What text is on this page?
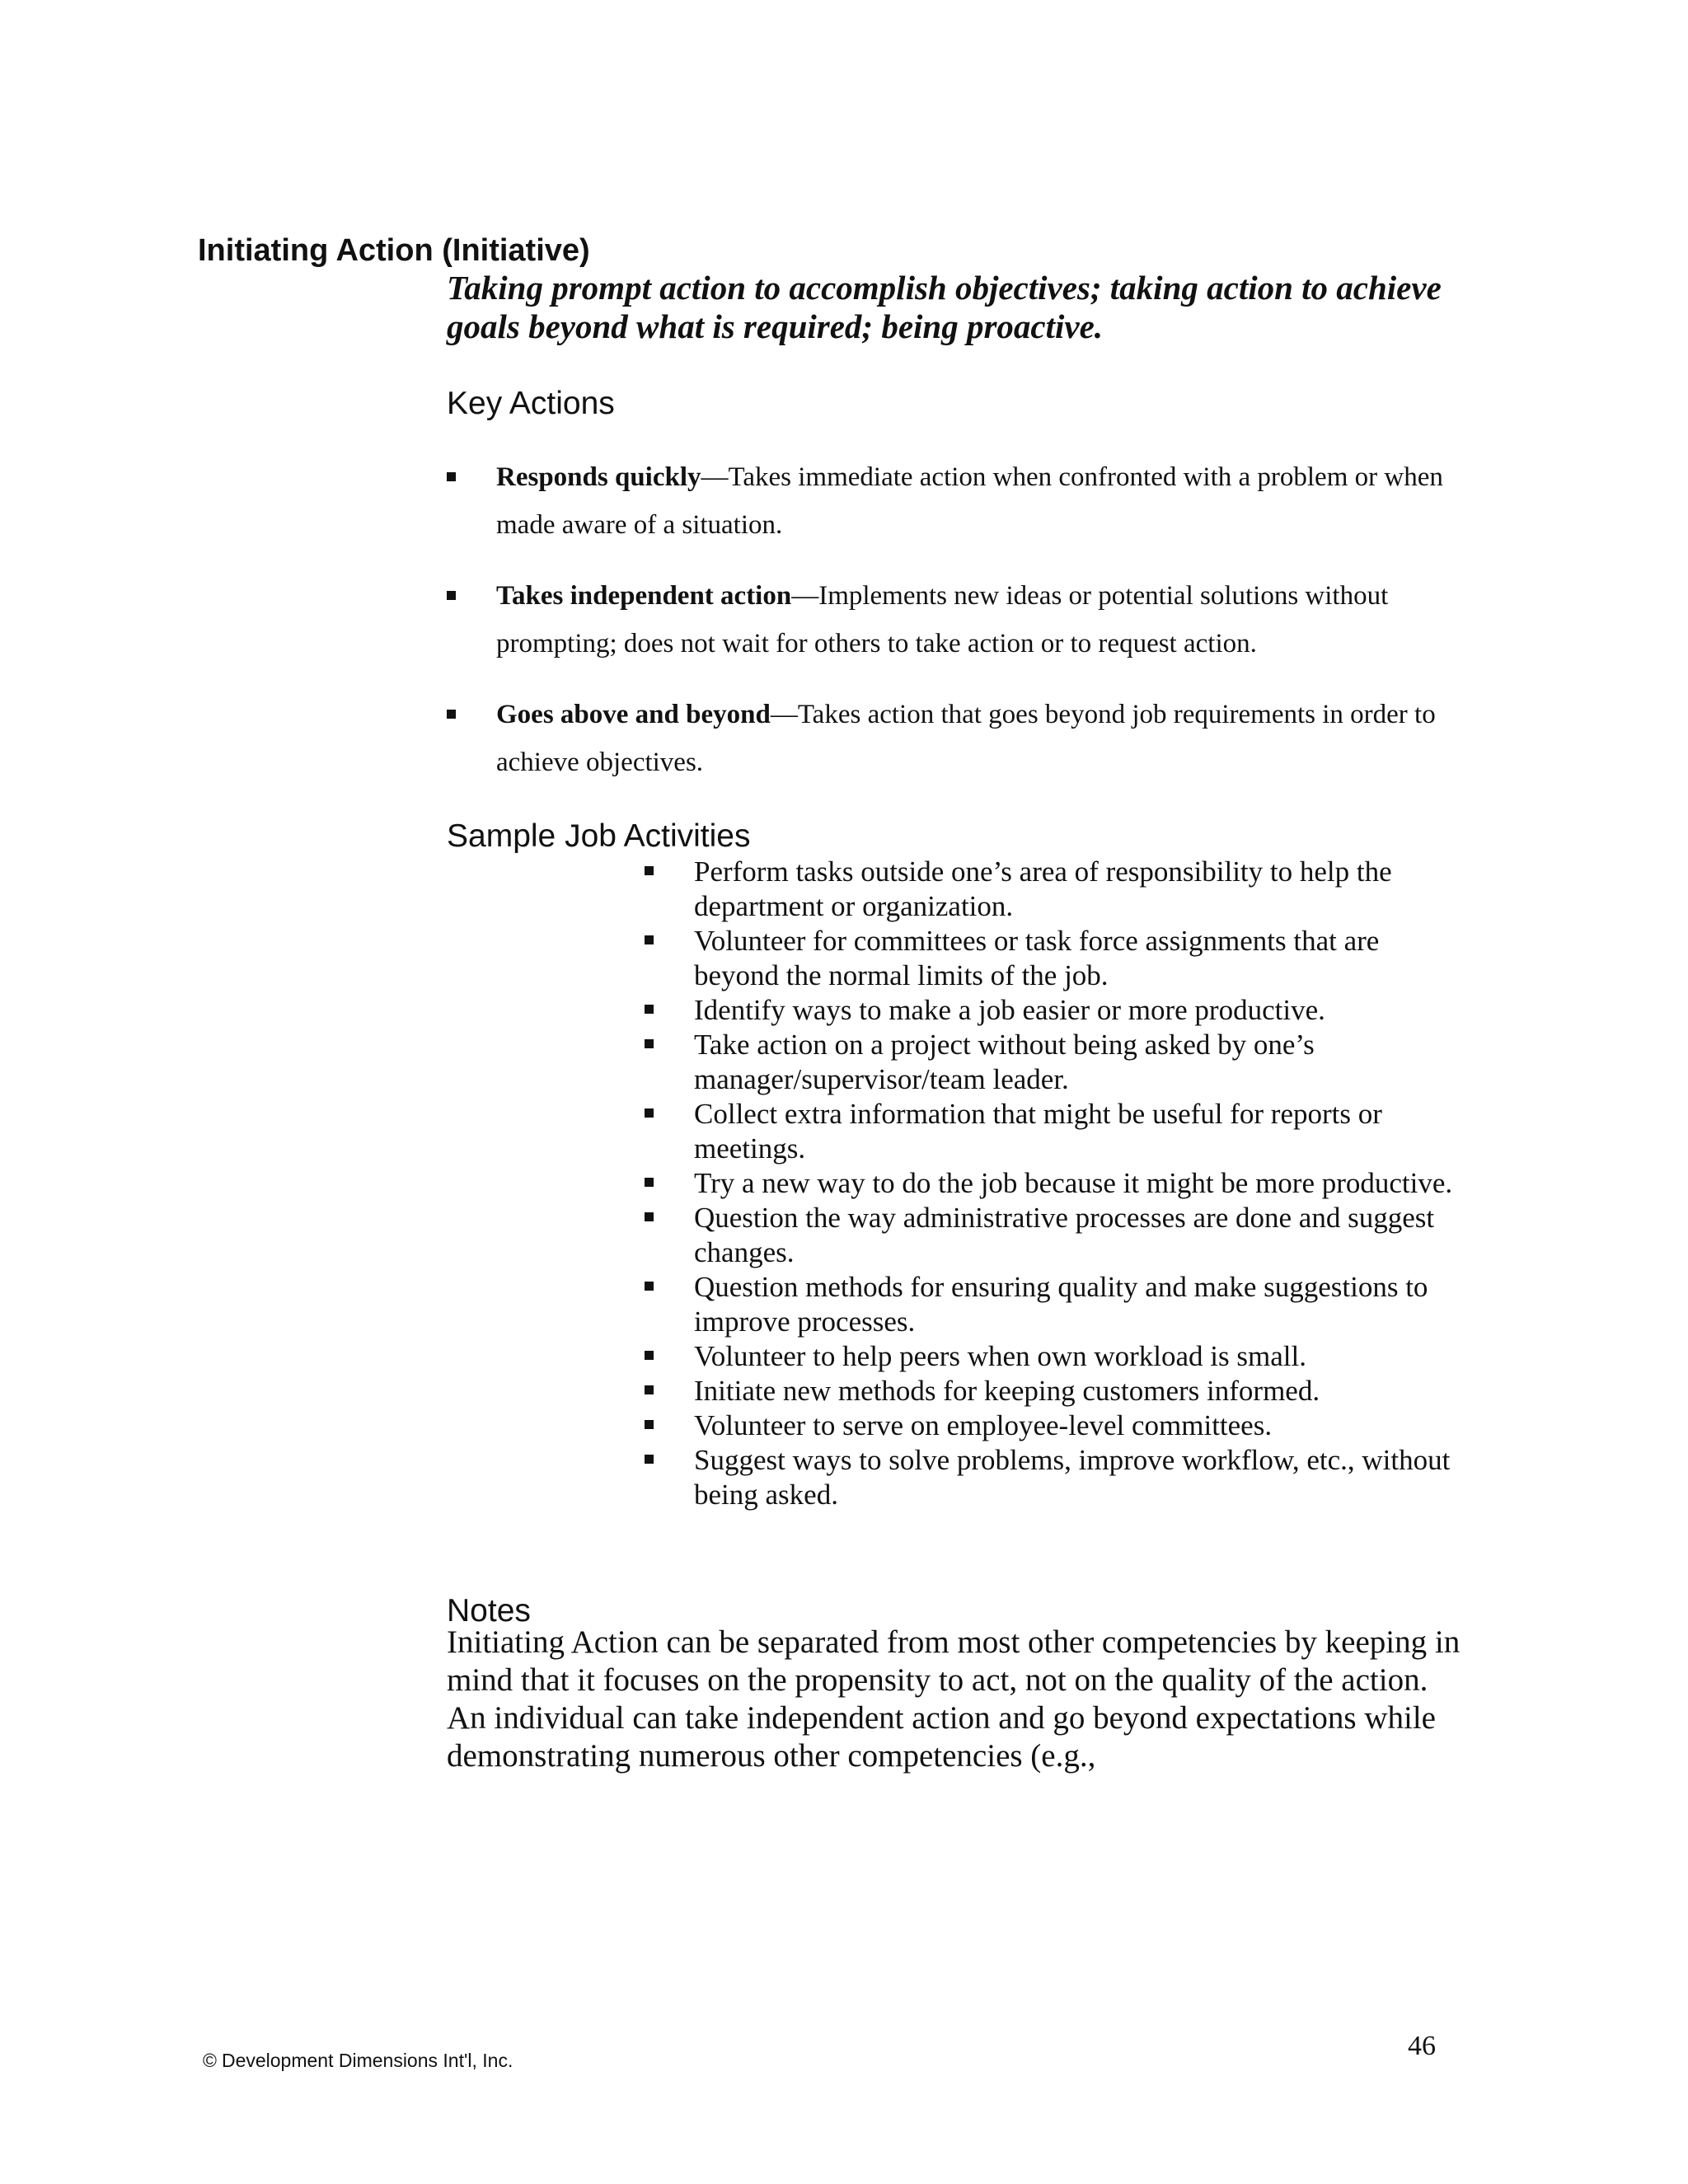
Initiating Action (Initiative)
Taking prompt action to accomplish objectives; taking action to achieve goals beyond what is required; being proactive.
Key Actions
Responds quickly—Takes immediate action when confronted with a problem or when made aware of a situation.
Takes independent action—Implements new ideas or potential solutions without prompting; does not wait for others to take action or to request action.
Goes above and beyond—Takes action that goes beyond job requirements in order to achieve objectives.
Sample Job Activities
Perform tasks outside one’s area of responsibility to help the department or organization.
Volunteer for committees or task force assignments that are beyond the normal limits of the job.
Identify ways to make a job easier or more productive.
Take action on a project without being asked by one’s manager/supervisor/team leader.
Collect extra information that might be useful for reports or meetings.
Try a new way to do the job because it might be more productive.
Question the way administrative processes are done and suggest changes.
Question methods for ensuring quality and make suggestions to improve processes.
Volunteer to help peers when own workload is small.
Initiate new methods for keeping customers informed.
Volunteer to serve on employee-level committees.
Suggest ways to solve problems, improve workflow, etc., without being asked.
Notes
Initiating Action can be separated from most other competencies by keeping in mind that it focuses on the propensity to act, not on the quality of the action. An individual can take independent action and go beyond expectations while demonstrating numerous other competencies (e.g.,
© Development Dimensions Int'l, Inc.	46
